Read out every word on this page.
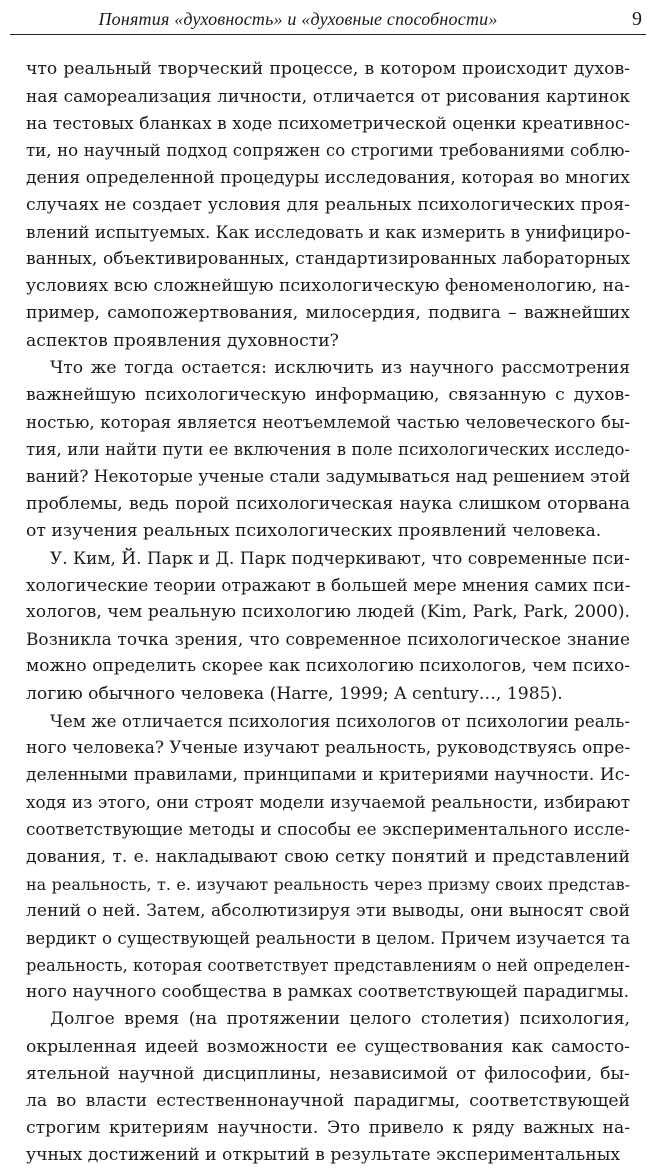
Понятия «духовность» и «духовные способности»	9
что реальный творческий процессе, в котором происходит духов-
ная самореализация личности, отличается от рисования картинок
на тестовых бланках в ходе психометрической оценки креативнос-
ти, но научный подход сопряжен со строгими требованиями соблю-
дения определенной процедуры исследования, которая во многих
случаях не создает условия для реальных психологических проя-
влений испытуемых. Как исследовать и как измерить в унифициро-
ванных, объективированных, стандартизированных лабораторных
условиях всю сложнейшую психологическую феноменологию, на-
пример, самопожертвования, милосердия, подвига – важнейших
аспектов проявления духовности?
Что же тогда остается: исключить из научного рассмотрения
важнейшую психологическую информацию, связанную с духов-
ностью, которая является неотъемлемой частью человеческого бы-
тия, или найти пути ее включения в поле психологических исследо-
ваний? Некоторые ученые стали задумываться над решением этой
проблемы, ведь порой психологическая наука слишком оторвана
от изучения реальных психологических проявлений человека.
У. Ким, Й. Парк и Д. Парк подчеркивают, что современные пси-
хологические теории отражают в большей мере мнения самих пси-
хологов, чем реальную психологию людей (Kim, Park, Park, 2000).
Возникла точка зрения, что современное психологическое знание
можно определить скорее как психологию психологов, чем психо-
логию обычного человека (Harre, 1999; A century…, 1985).
Чем же отличается психология психологов от психологии реаль-
ного человека? Ученые изучают реальность, руководствуясь опре-
деленными правилами, принципами и критериями научности. Ис-
ходя из этого, они строят модели изучаемой реальности, избирают
соответствующие методы и способы ее экспериментального иссле-
дования, т. е. накладывают свою сетку понятий и представлений
на реальность, т. е. изучают реальность через призму своих представ-
лений о ней. Затем, абсолютизируя эти выводы, они выносят свой
вердикт о существующей реальности в целом. Причем изучается та
реальность, которая соответствует представлениям о ней определен-
ного научного сообщества в рамках соответствующей парадигмы.
Долгое время (на протяжении целого столетия) психология,
окрыленная идеей возможности ее существования как самосто-
ятельной научной дисциплины, независимой от философии, бы-
ла во власти естественнонаучной парадигмы, соответствующей
строгим критериям научности. Это привело к ряду важных на-
учных достижений и открытий в результате экспериментальных
